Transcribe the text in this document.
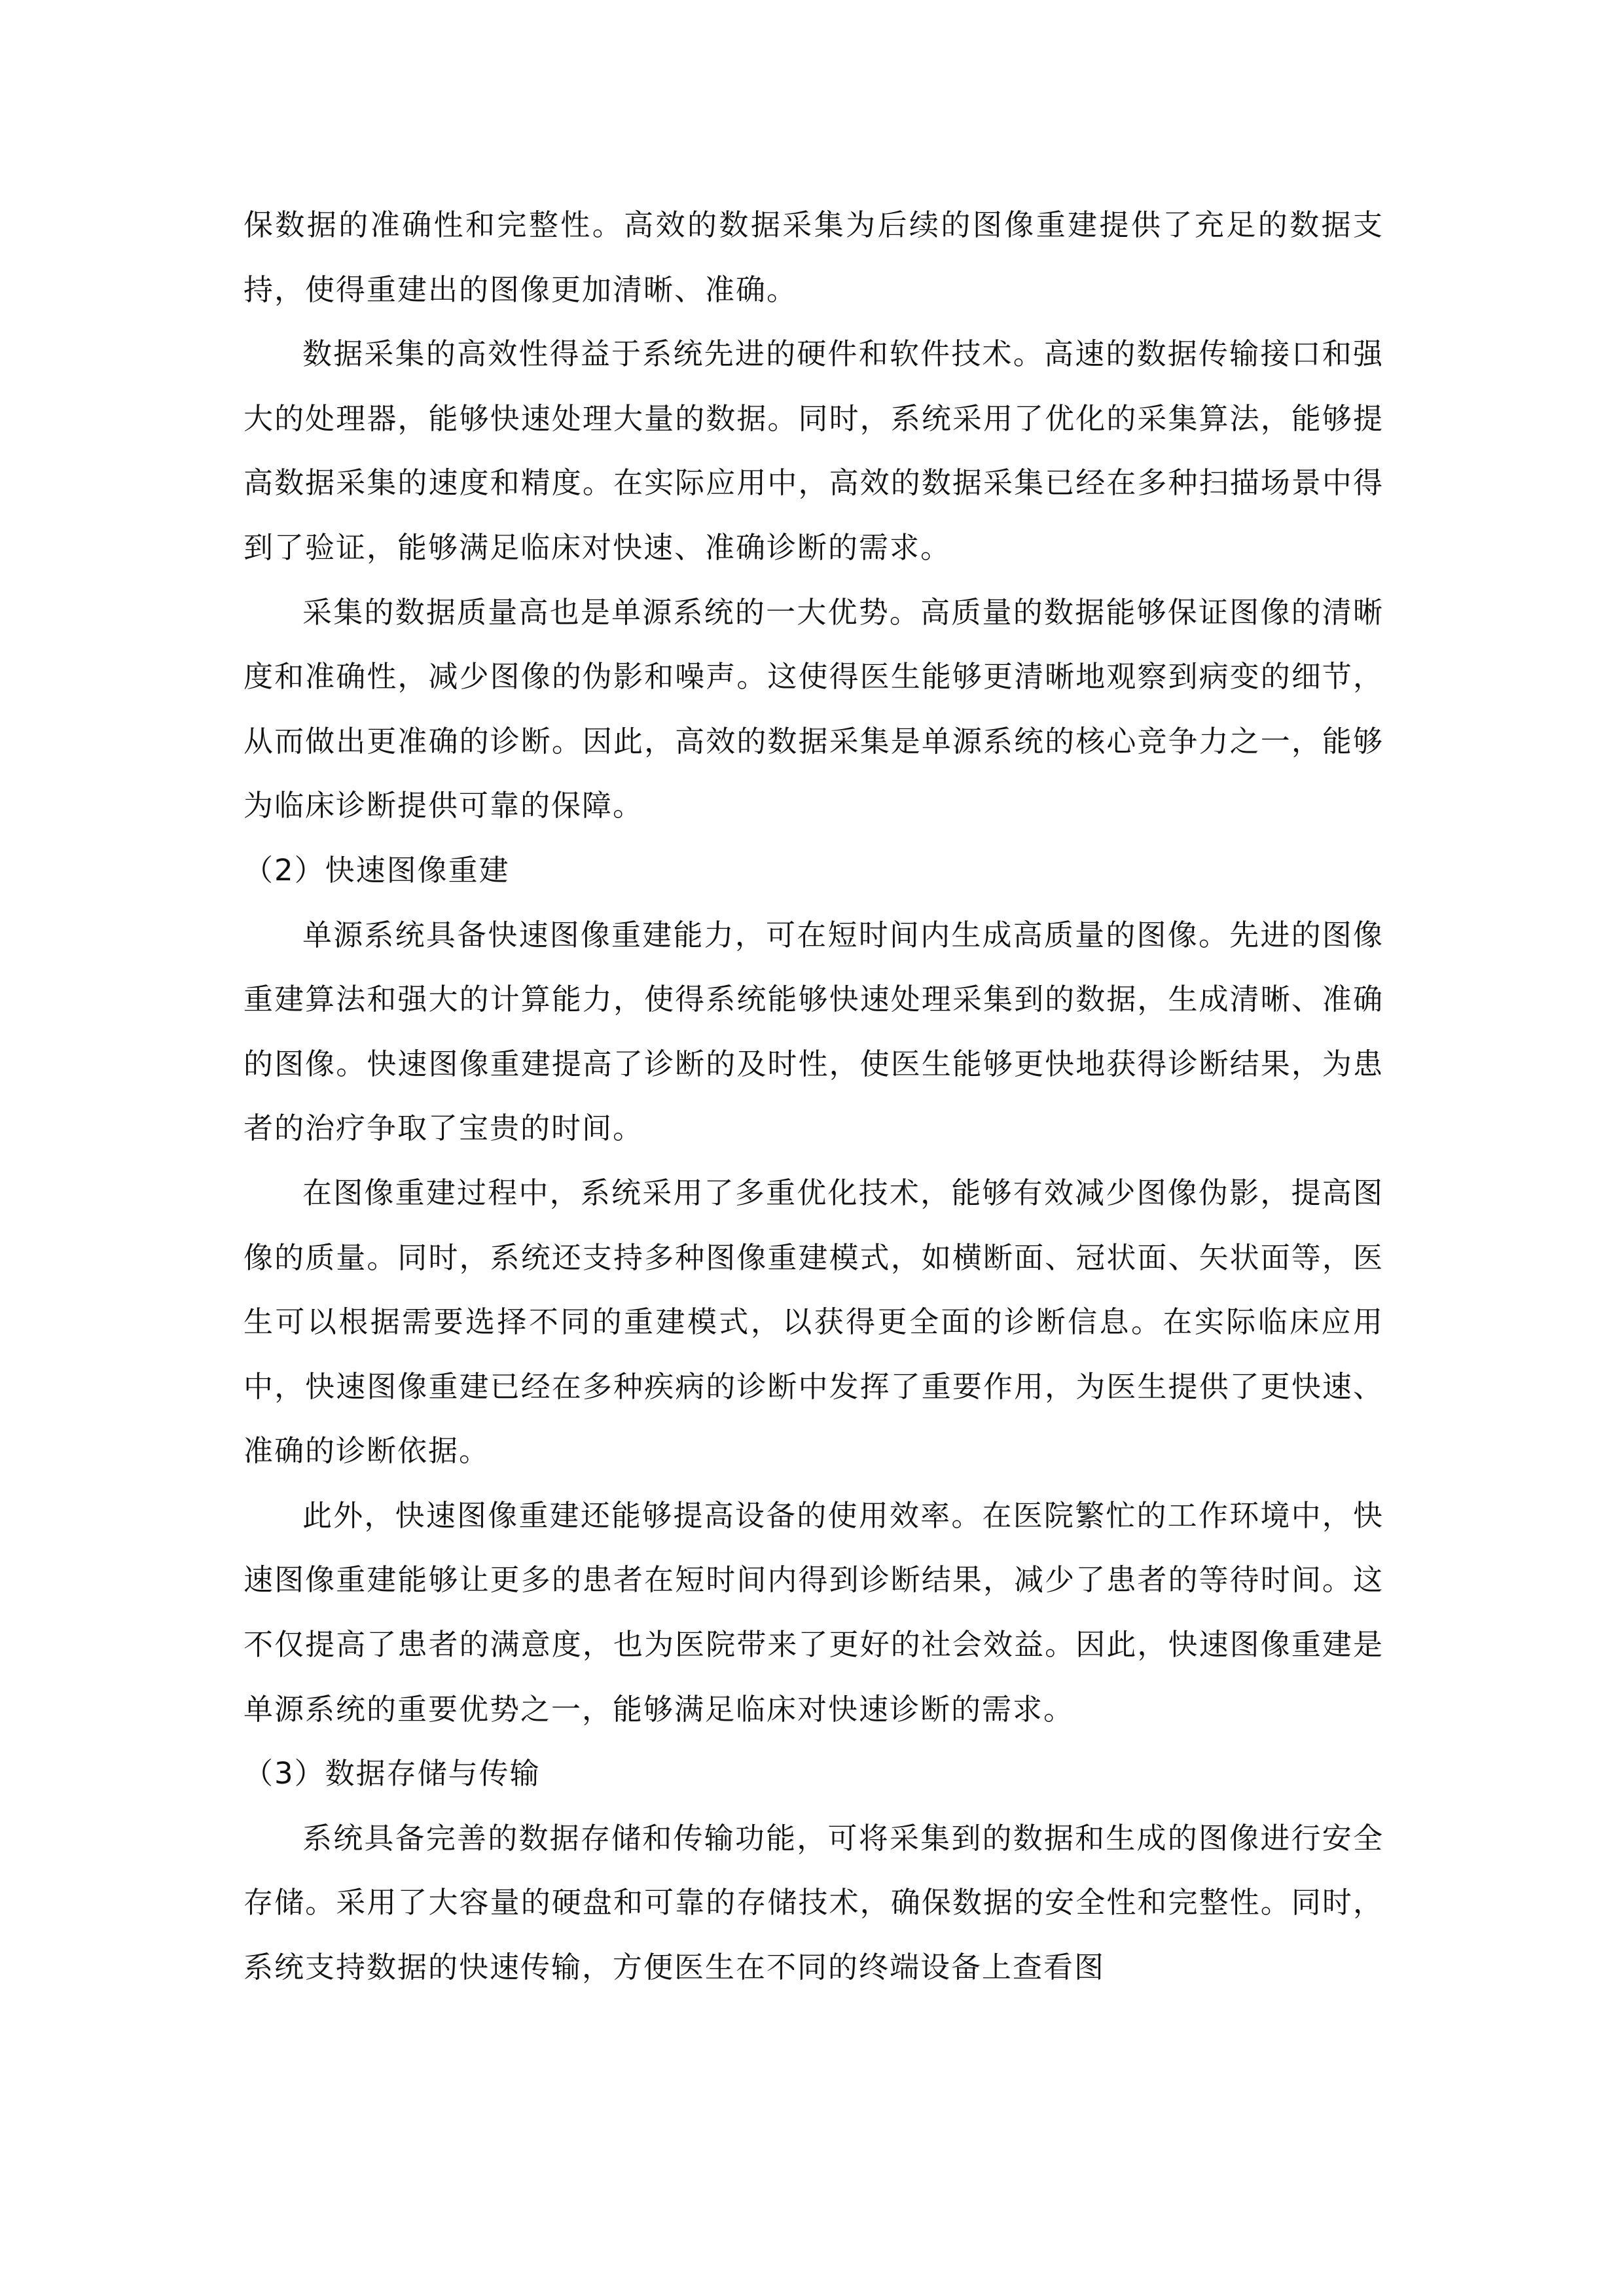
保数据的准确性和完整性。高效的数据采集为后续的图像重建提供了充足的数据支持，使得重建出的图像更加清晰、准确。

数据采集的高效性得益于系统先进的硬件和软件技术。高速的数据传输接口和强大的处理器，能够快速处理大量的数据。同时，系统采用了优化的采集算法，能够提高数据采集的速度和精度。在实际应用中，高效的数据采集已经在多种扫描场景中得到了验证，能够满足临床对快速、准确诊断的需求。

采集的数据质量高也是单源系统的一大优势。高质量的数据能够保证图像的清晰度和准确性，减少图像的伪影和噪声。这使得医生能够更清晰地观察到病变的细节，从而做出更准确的诊断。因此，高效的数据采集是单源系统的核心竞争力之一，能够为临床诊断提供可靠的保障。

（2）快速图像重建

单源系统具备快速图像重建能力，可在短时间内生成高质量的图像。先进的图像重建算法和强大的计算能力，使得系统能够快速处理采集到的数据，生成清晰、准确的图像。快速图像重建提高了诊断的及时性，使医生能够更快地获得诊断结果，为患者的治疗争取了宝贵的时间。

在图像重建过程中，系统采用了多重优化技术，能够有效减少图像伪影，提高图像的质量。同时，系统还支持多种图像重建模式，如横断面、冠状面、矢状面等，医生可以根据需要选择不同的重建模式，以获得更全面的诊断信息。在实际临床应用中，快速图像重建已经在多种疾病的诊断中发挥了重要作用，为医生提供了更快速、准确的诊断依据。

此外，快速图像重建还能够提高设备的使用效率。在医院繁忙的工作环境中，快速图像重建能够让更多的患者在短时间内得到诊断结果，减少了患者的等待时间。这不仅提高了患者的满意度，也为医院带来了更好的社会效益。因此，快速图像重建是单源系统的重要优势之一，能够满足临床对快速诊断的需求。

（3）数据存储与传输

系统具备完善的数据存储和传输功能，可将采集到的数据和生成的图像进行安全存储。采用了大容量的硬盘和可靠的存储技术，确保数据的安全性和完整性。同时，系统支持数据的快速传输，方便医生在不同的终端设备上查看图
